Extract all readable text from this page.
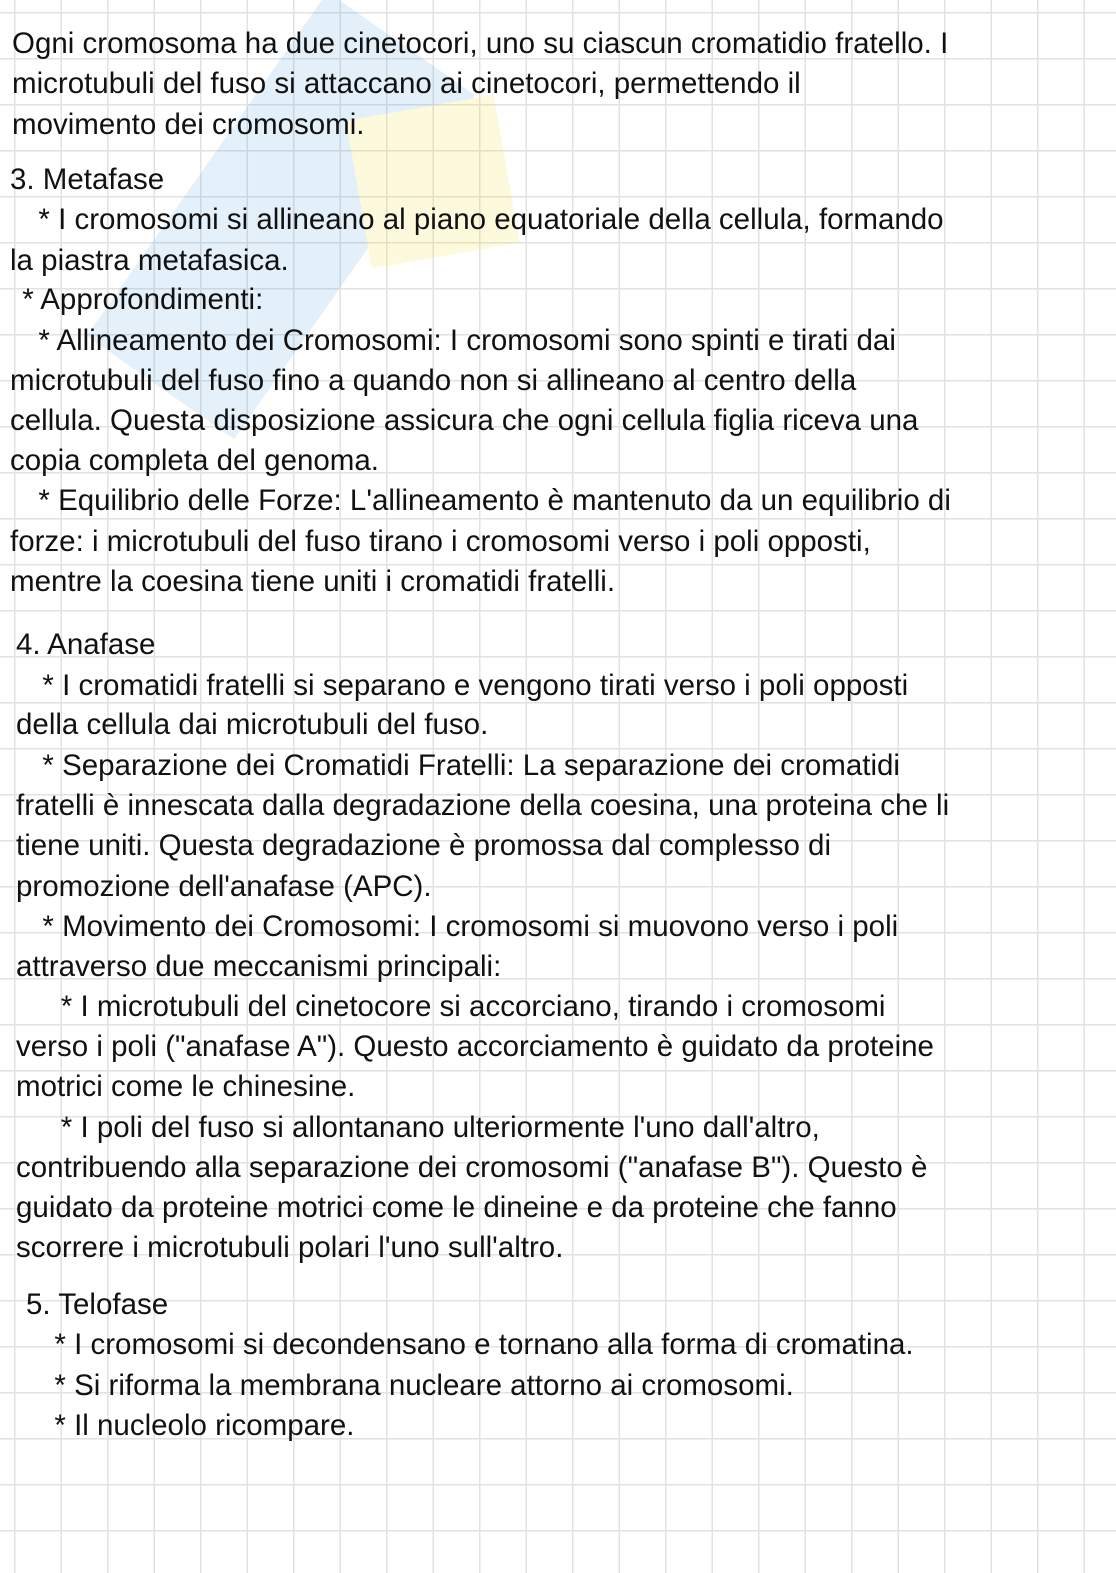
Ogni cromosoma ha due cinetocori, uno su ciascun cromatidio fratello. I
microtubuli del fuso si attaccano ai cinetocori, permettendo il
movimento dei cromosomi.
3. Metafase
* I cromosomi si allineano al piano equatoriale della cellula, formando
la piastra metafasica.
* Approfondimenti:
* Allineamento dei Cromosomi: I cromosomi sono spinti e tirati dai
microtubuli del fuso fino a quando non si allineano al centro della
cellula. Questa disposizione assicura che ogni cellula figlia riceva una
copia completa del genoma.
* Equilibrio delle Forze: L'allineamento è mantenuto da un equilibrio di
forze: i microtubuli del fuso tirano i cromosomi verso i poli opposti,
mentre la coesina tiene uniti i cromatidi fratelli.
4. Anafase
* I cromatidi fratelli si separano e vengono tirati verso i poli opposti
della cellula dai microtubuli del fuso.
* Separazione dei Cromatidi Fratelli: La separazione dei cromatidi
fratelli è innescata dalla degradazione della coesina, una proteina che li
tiene uniti. Questa degradazione è promossa dal complesso di
promozione dell'anafase (APC).
* Movimento dei Cromosomi: I cromosomi si muovono verso i poli
attraverso due meccanismi principali:
* I microtubuli del cinetocore si accorciano, tirando i cromosomi
verso i poli ("anafase A"). Questo accorciamento è guidato da proteine
motrici come le chinesine.
* I poli del fuso si allontanano ulteriormente l'uno dall'altro,
contribuendo alla separazione dei cromosomi ("anafase B"). Questo è
guidato da proteine motrici come le dineine e da proteine che fanno
scorrere i microtubuli polari l'uno sull'altro.
5. Telofase
* I cromosomi si decondensano e tornano alla forma di cromatina.
* Si riforma la membrana nucleare attorno ai cromosomi.
* Il nucleolo ricompare.
